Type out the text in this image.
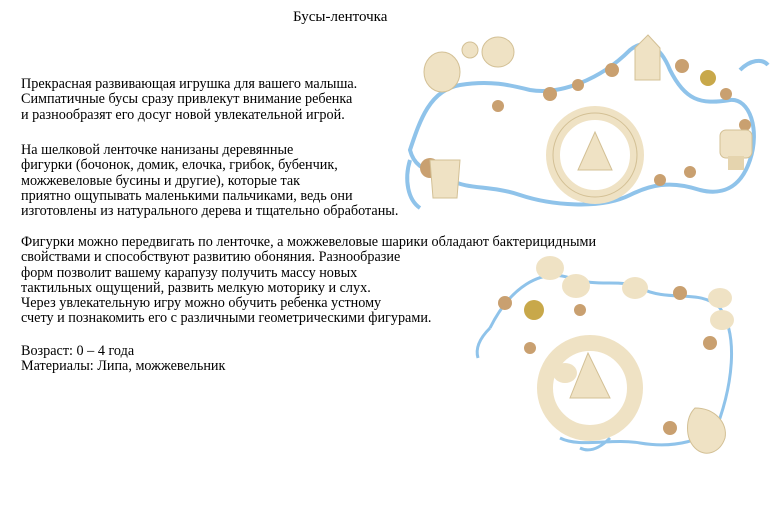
Бусы-ленточка
Прекрасная развивающая игрушка для вашего малыша.
Симпатичные бусы сразу привлекут внимание ребенка
и разнообразят его досуг новой увлекательной игрой.
На шелковой ленточке нанизаны деревянные
фигурки (бочонок, домик, елочка, грибок, бубенчик,
можжевеловые бусины и другие), которые так
приятно ощупывать маленькими пальчиками, ведь они
изготовлены из натурального дерева и тщательно обработаны.
Фигурки можно передвигать по ленточке, а можжевеловые шарики обладают бактерицидными
свойствами и способствуют развитию обоняния. Разнообразие
форм позволит вашему карапузу получить массу новых
тактильных ощущений, развить мелкую моторику и слух.
Через увлекательную игру можно обучить ребенка устному
счету и познакомить его с различными геометрическими фигурами.
Возраст: 0 – 4 года
Материалы: Липа, можжевельник
